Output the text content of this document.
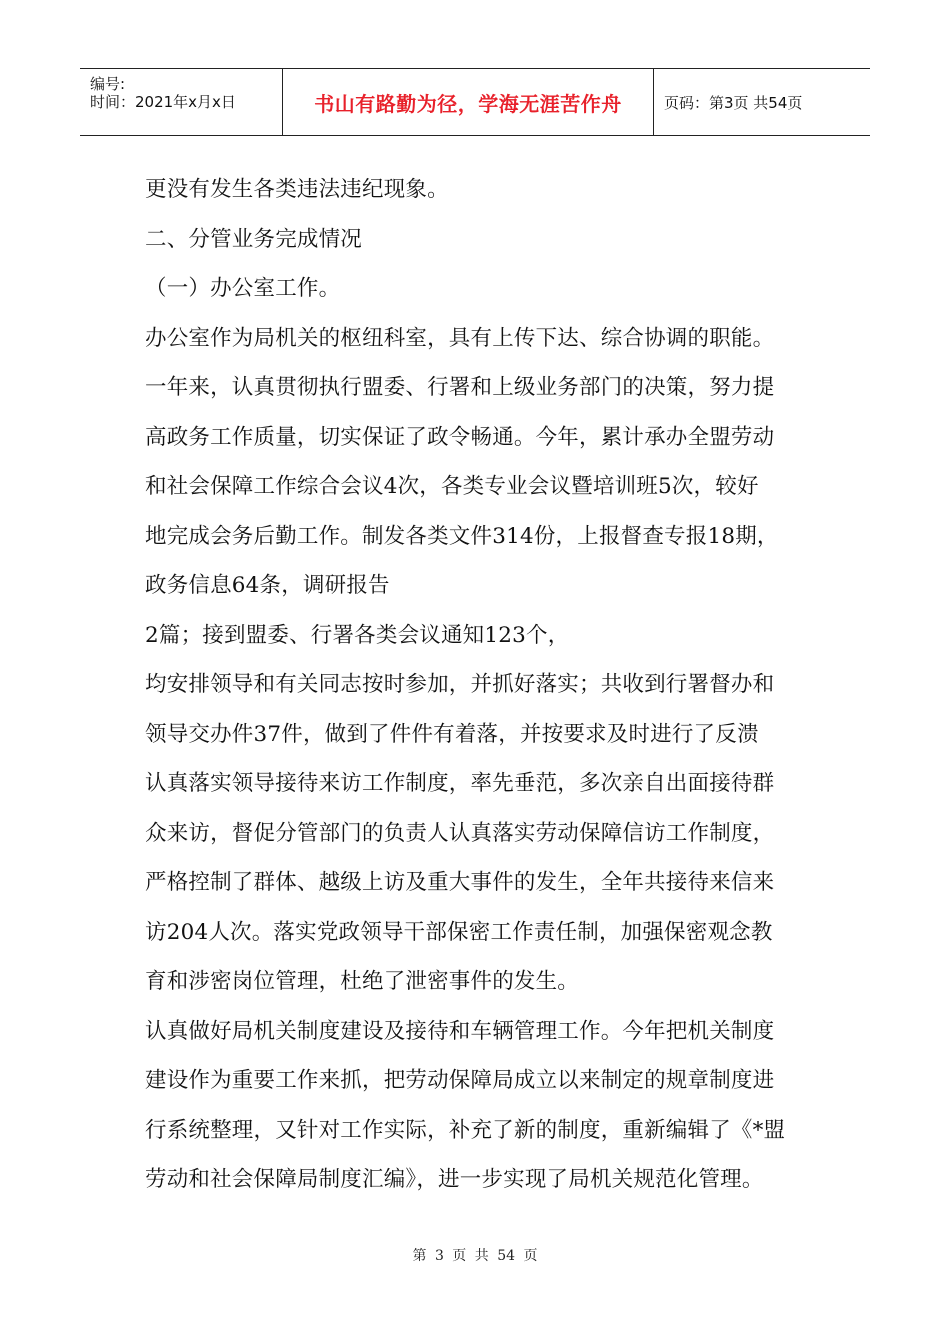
编号:
时间：2021年x月x日	书山有路勤为径，学海无涯苦作舟	页码：第3页 共54页

更没有发生各类违法违纪现象。

二、分管业务完成情况

（一）办公室工作。

办公室作为局机关的枢纽科室，具有上传下达、综合协调的职能。

一年来，认真贯彻执行盟委、行署和上级业务部门的决策，努力提

高政务工作质量，切实保证了政令畅通。今年，累计承办全盟劳动

和社会保障工作综合会议4次，各类专业会议暨培训班5次，较好

地完成会务后勤工作。制发各类文件314份，上报督查专报18期，

政务信息64条，调研报告

2篇；接到盟委、行署各类会议通知123个，

均安排领导和有关同志按时参加，并抓好落实；共收到行署督办和

领导交办件37件，做到了件件有着落，并按要求及时进行了反溃

认真落实领导接待来访工作制度，率先垂范，多次亲自出面接待群

众来访，督促分管部门的负责人认真落实劳动保障信访工作制度，

严格控制了群体、越级上访及重大事件的发生，全年共接待来信来

访204人次。落实党政领导干部保密工作责任制，加强保密观念教

育和涉密岗位管理，杜绝了泄密事件的发生。

认真做好局机关制度建设及接待和车辆管理工作。今年把机关制度

建设作为重要工作来抓，把劳动保障局成立以来制定的规章制度进

行系统整理，又针对工作实际，补充了新的制度，重新编辑了《*盟

劳动和社会保障局制度汇编》，进一步实现了局机关规范化管理。

第 3 页 共 54 页
